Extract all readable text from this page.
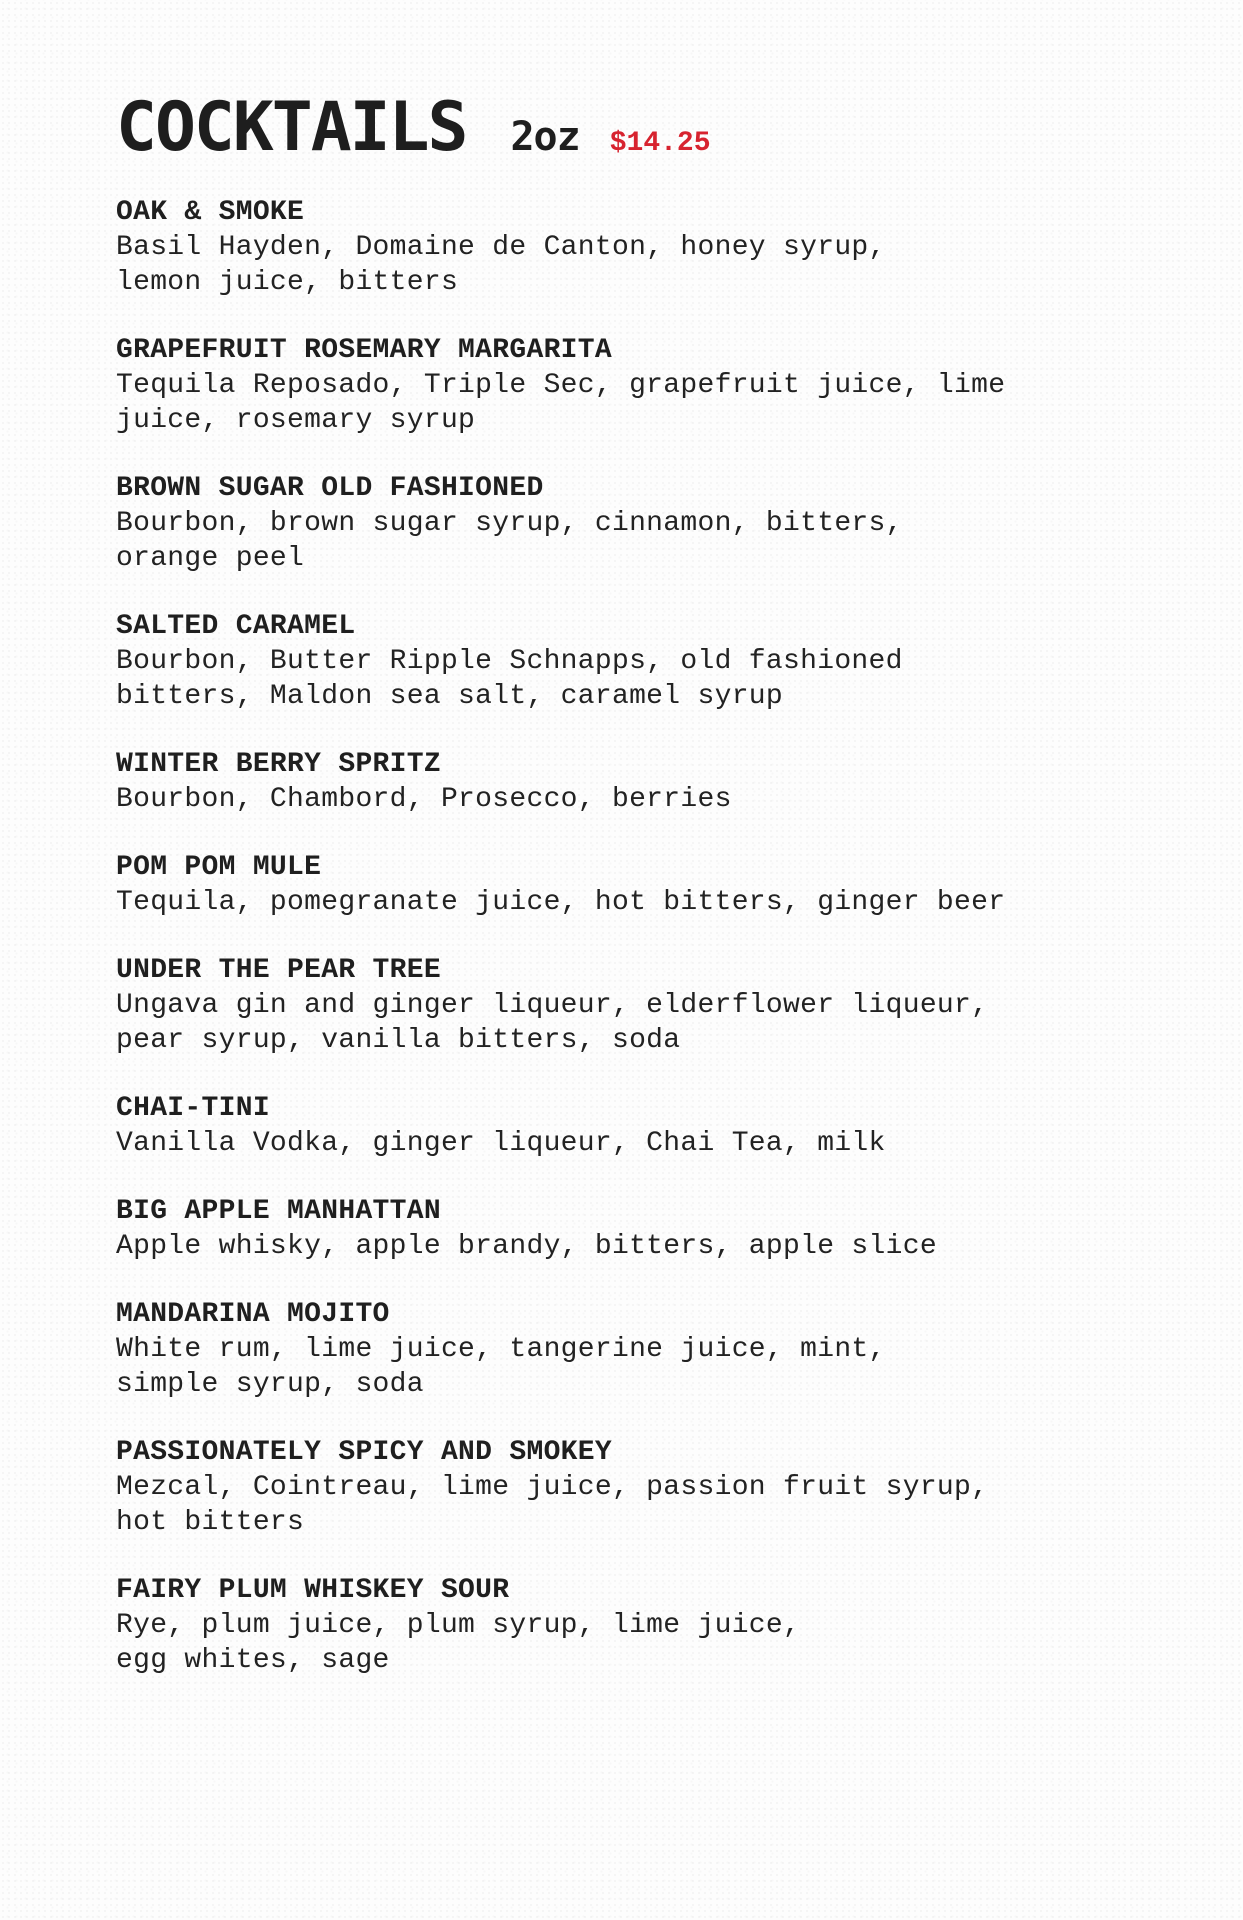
COCKTAILS 2oz $14.25
OAK & SMOKE
Basil Hayden, Domaine de Canton, honey syrup,
lemon juice, bitters
GRAPEFRUIT ROSEMARY MARGARITA
Tequila Reposado, Triple Sec, grapefruit juice, lime
juice, rosemary syrup
BROWN SUGAR OLD FASHIONED
Bourbon, brown sugar syrup, cinnamon, bitters,
orange peel
SALTED CARAMEL
Bourbon, Butter Ripple Schnapps, old fashioned
bitters, Maldon sea salt, caramel syrup
WINTER BERRY SPRITZ
Bourbon, Chambord, Prosecco, berries
POM POM MULE
Tequila, pomegranate juice, hot bitters, ginger beer
UNDER THE PEAR TREE
Ungava gin and ginger liqueur, elderflower liqueur,
pear syrup, vanilla bitters, soda
CHAI-TINI
Vanilla Vodka, ginger liqueur, Chai Tea, milk
BIG APPLE MANHATTAN
Apple whisky, apple brandy, bitters, apple slice
MANDARINA MOJITO
White rum, lime juice, tangerine juice, mint,
simple syrup, soda
PASSIONATELY SPICY AND SMOKEY
Mezcal, Cointreau, lime juice, passion fruit syrup,
hot bitters
FAIRY PLUM WHISKEY SOUR
Rye, plum juice, plum syrup, lime juice,
egg whites, sage
